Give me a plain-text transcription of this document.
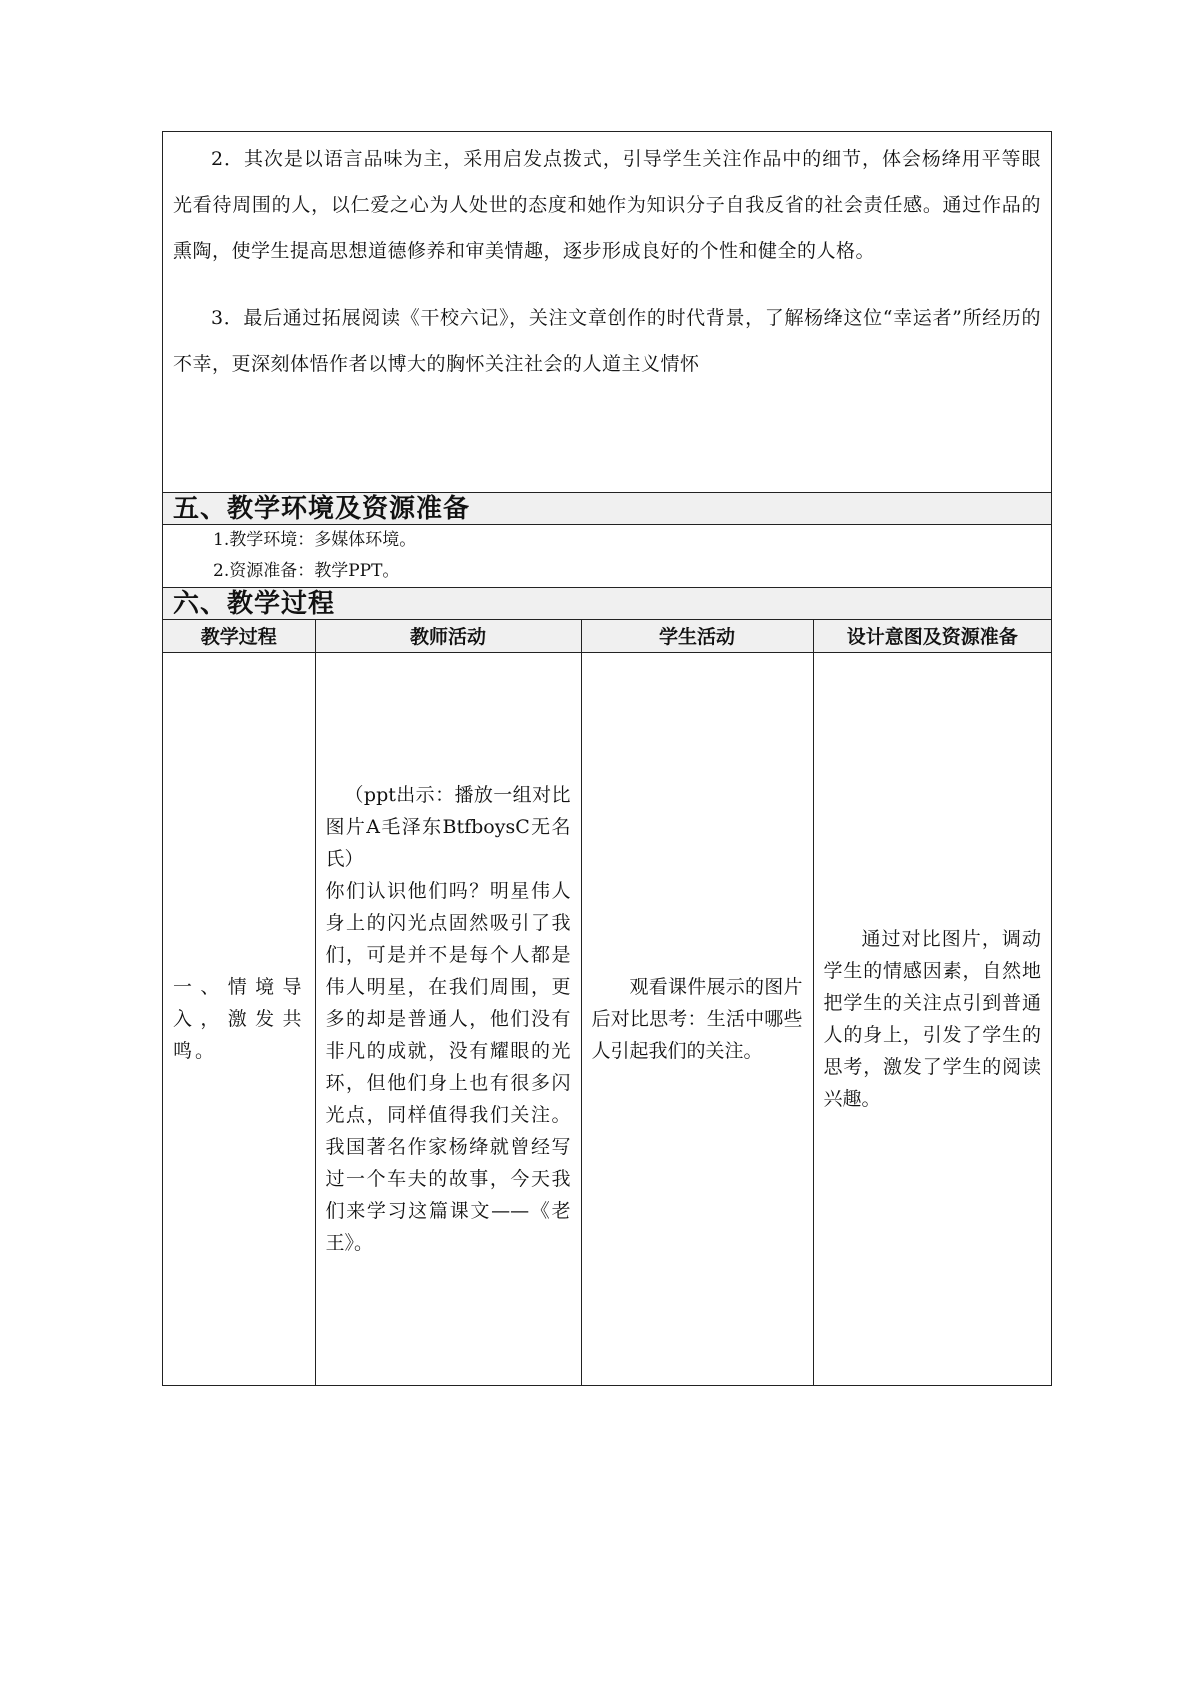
2．其次是以语言品味为主，采用启发点拨式，引导学生关注作品中的细节，体会杨绛用平等眼光看待周围的人，以仁爱之心为人处世的态度和她作为知识分子自我反省的社会责任感。通过作品的熏陶，使学生提高思想道德修养和审美情趣，逐步形成良好的个性和健全的人格。

3．最后通过拓展阅读《干校六记》，关注文章创作的时代背景，了解杨绛这位“幸运者”所经历的不幸，更深刻体悟作者以博大的胸怀关注社会的人道主义情怀

五、教学环境及资源准备

1.教学环境：多媒体环境。

2.资源准备：教学PPT。

六、教学过程
教学过程	教师活动	学生活动	设计意图及资源准备

一、情境导入，激发共鸣。	（ppt出示：播放一组对比图片A毛泽东BtfboysC无名氏）
你们认识他们吗？明星伟人身上的闪光点固然吸引了我们，可是并不是每个人都是伟人明星，在我们周围，更多的却是普通人，他们没有非凡的成就，没有耀眼的光环，但他们身上也有很多闪光点，同样值得我们关注。我国著名作家杨绛就曾经写过一个车夫的故事，今天我们来学习这篇课文——《老王》。	观看课件展示的图片后对比思考：生活中哪些人引起我们的关注。	通过对比图片，调动学生的情感因素，自然地把学生的关注点引到普通人的身上，引发了学生的思考，激发了学生的阅读兴趣。
